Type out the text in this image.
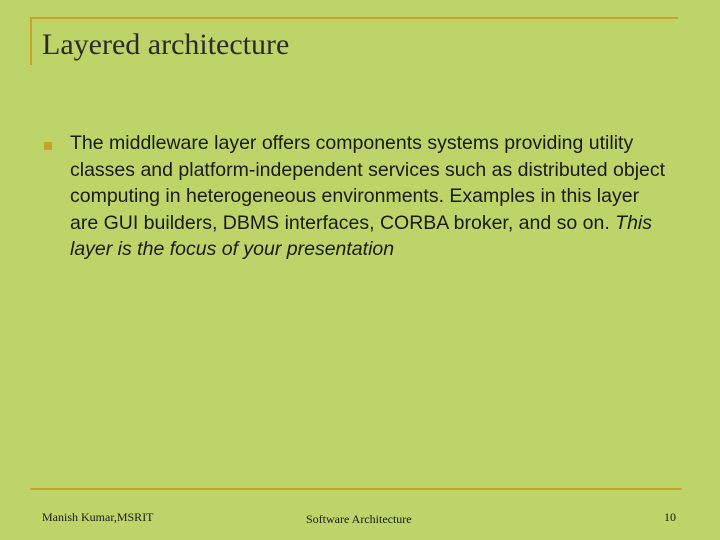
Layered architecture
The middleware layer offers components systems providing utility classes and platform-independent services such as distributed object computing in heterogeneous environments. Examples in this layer are GUI builders, DBMS interfaces, CORBA broker, and so on. This layer is the focus of your presentation
Manish Kumar,MSRIT	Software Architecture	10
